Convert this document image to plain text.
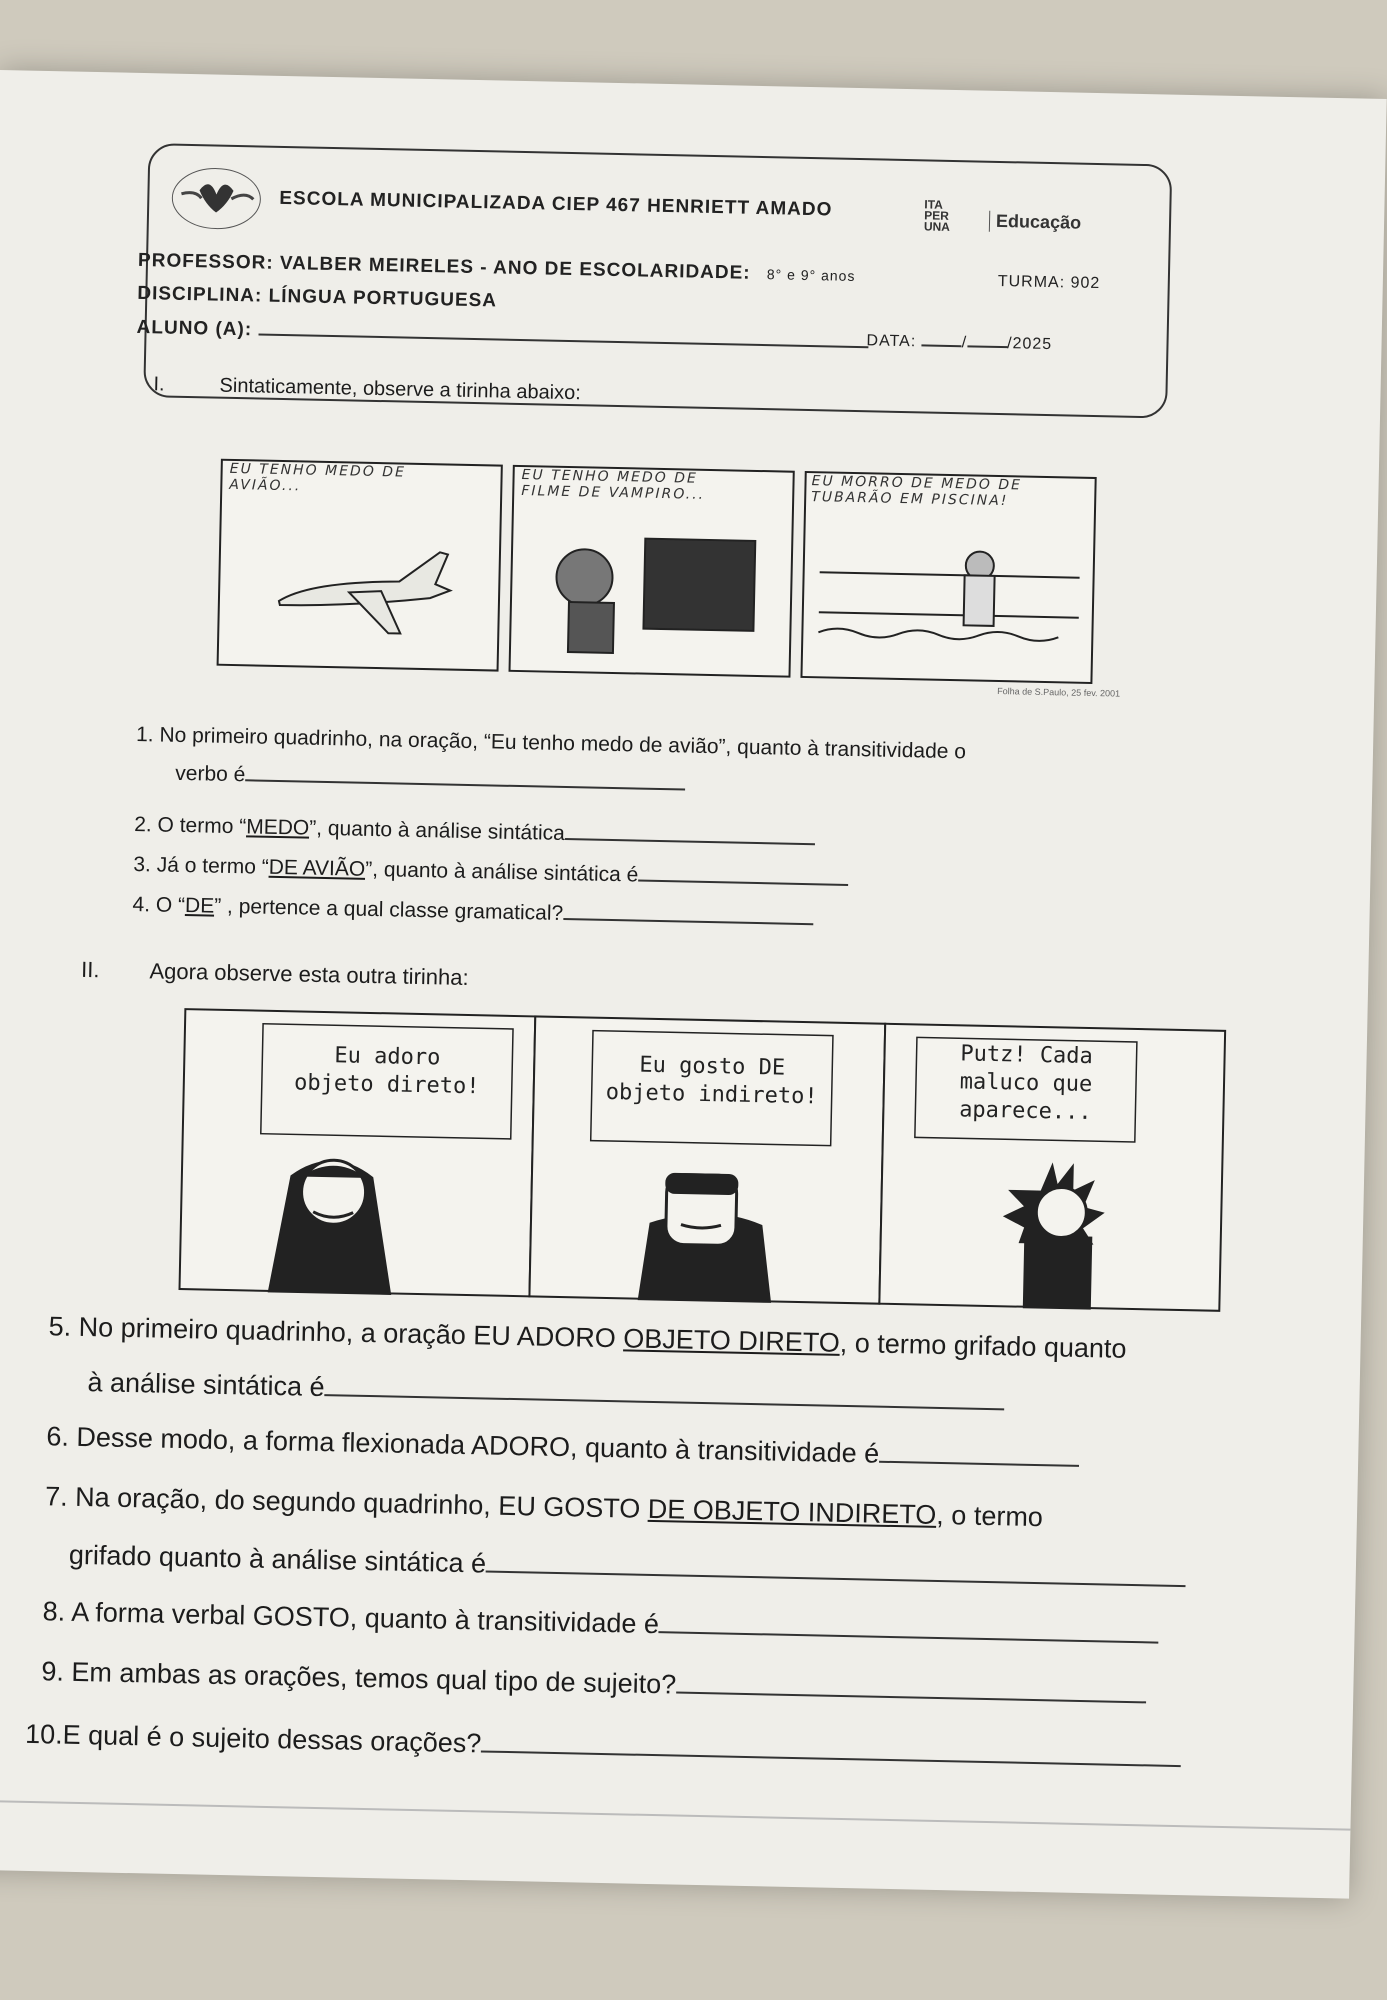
ESCOLA MUNICIPALIZADA CIEP 467 HENRIETT AMADO	ITA
PER
UNA	Educação
PROFESSOR: VALBER MEIRELES - ANO DE ESCOLARIDADE: 8° e 9° anos	TURMA: 902
DISCIPLINA: LÍNGUA PORTUGUESA
ALUNO (A):
DATA:	/ /2025
I.	Sintaticamente, observe a tirinha abaixo:
Folha de S.Paulo, 25 fev. 2001
EU TENHO MEDO DE AVIÃO...	EU TENHO MEDO DE FILME DE VAMPIRO...	EU MORRO DE MEDO DE TUBARÃO EM PISCINA!
1. No primeiro quadrinho, na oração, “Eu tenho medo de avião”, quanto à transitividade o
verbo é
2. O termo “MEDO”, quanto à análise sintática
3. Já o termo “DE AVIÃO”, quanto à análise sintática é
4. O “DE” , pertence a qual classe gramatical?
II. Agora observe esta outra tirinha:
Eu adoro
objeto direto!
Eu gosto DE
objeto indireto!
Putz! Cada
maluco que
aparece...
5. No primeiro quadrinho, a oração EU ADORO OBJETO DIRETO, o termo grifado quanto
à análise sintática é
6. Desse modo, a forma flexionada ADORO, quanto à transitividade é
7. Na oração, do segundo quadrinho, EU GOSTO DE OBJETO INDIRETO, o termo
grifado quanto à análise sintática é
8. A forma verbal GOSTO, quanto à transitividade é
9. Em ambas as orações, temos qual tipo de sujeito?
10.E qual é o sujeito dessas orações?
